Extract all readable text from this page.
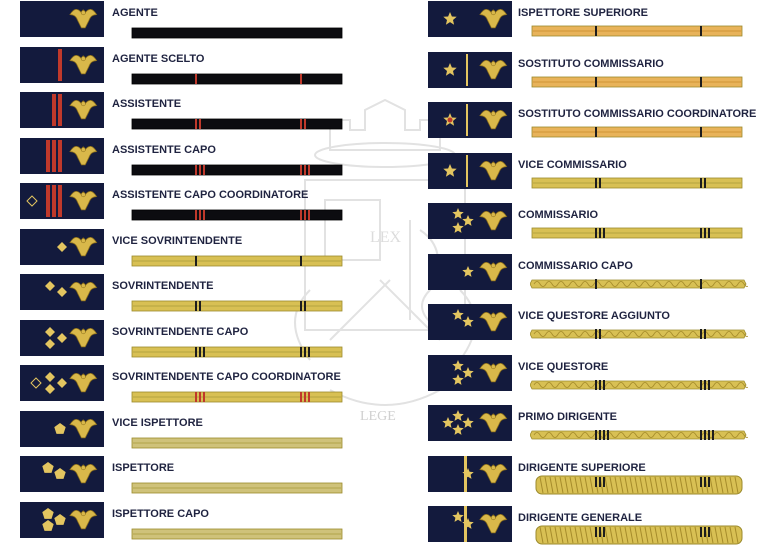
LEX
LEGE
AGENTE
AGENTE SCELTO
ASSISTENTE
ASSISTENTE CAPO
ASSISTENTE CAPO COORDINATORE
VICE SOVRINTENDENTE
SOVRINTENDENTE
SOVRINTENDENTE CAPO
SOVRINTENDENTE CAPO COORDINATORE
VICE ISPETTORE
ISPETTORE
ISPETTORE CAPO
ISPETTORE SUPERIORE
SOSTITUTO COMMISSARIO
SOSTITUTO COMMISSARIO COORDINATORE
VICE COMMISSARIO
COMMISSARIO
COMMISSARIO CAPO
VICE QUESTORE AGGIUNTO
VICE QUESTORE
PRIMO DIRIGENTE
DIRIGENTE SUPERIORE
DIRIGENTE GENERALE
